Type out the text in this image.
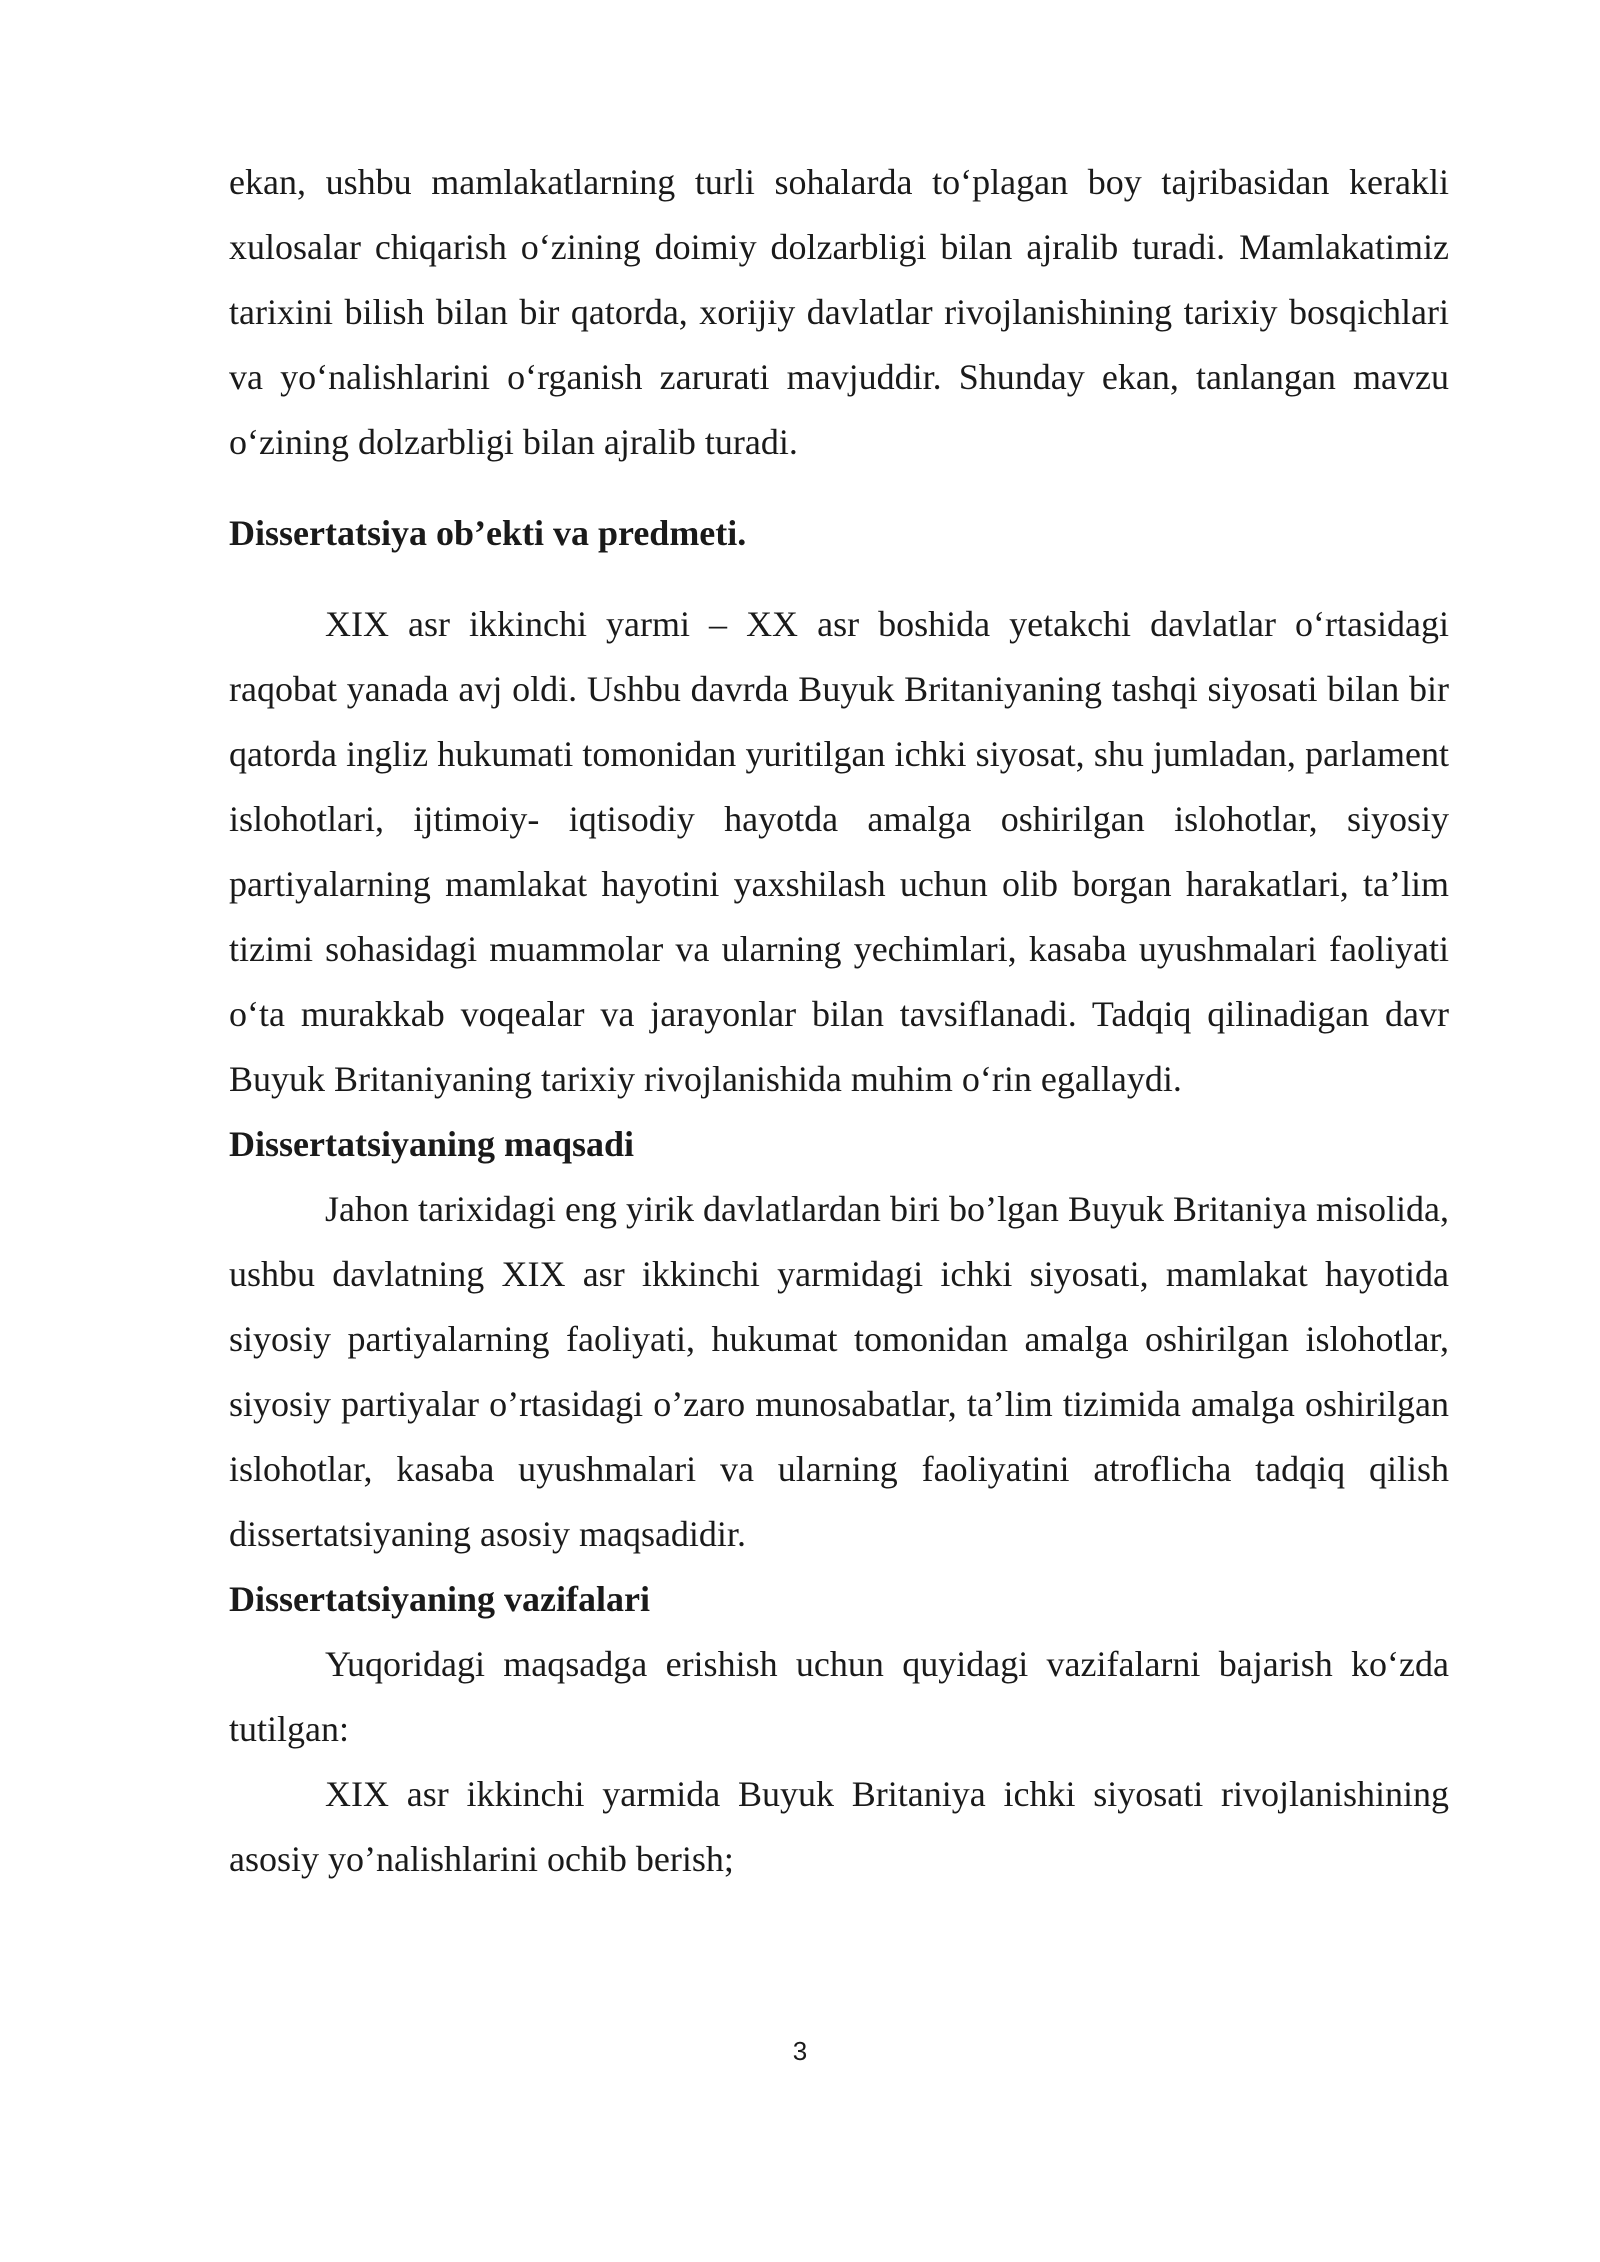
ekan, ushbu mamlakatlarning turli sohalarda to‘plagan boy tajribasidan kerakli xulosalar chiqarish o‘zining doimiy dolzarbligi bilan ajralib turadi. Mamlakatimiz tarixini bilish bilan bir qatorda, xorijiy davlatlar rivojlanishining tarixiy bosqichlari va yo‘nalishlarini o‘rganish zarurati mavjuddir. Shunday ekan, tanlangan mavzu o‘zining dolzarbligi bilan ajralib turadi.

Dissertatsiya ob’ekti va predmeti.

XIX asr ikkinchi yarmi – XX asr boshida yetakchi davlatlar o‘rtasidagi raqobat yanada avj oldi. Ushbu davrda Buyuk Britaniyaning tashqi siyosati bilan bir qatorda ingliz hukumati tomonidan yuritilgan ichki siyosat, shu jumladan, parlament islohotlari, ijtimoiy- iqtisodiy hayotda amalga oshirilgan islohotlar, siyosiy partiyalarning mamlakat hayotini yaxshilash uchun olib borgan harakatlari, ta’lim tizimi sohasidagi muammolar va ularning yechimlari, kasaba uyushmalari faoliyati o‘ta murakkab voqealar va jarayonlar bilan tavsiflanadi. Tadqiq qilinadigan davr Buyuk Britaniyaning tarixiy rivojlanishida muhim o‘rin egallaydi.

Dissertatsiyaning maqsadi

Jahon tarixidagi eng yirik davlatlardan biri bo’lgan Buyuk Britaniya misolida, ushbu davlatning XIX asr ikkinchi yarmidagi ichki siyosati, mamlakat hayotida siyosiy partiyalarning faoliyati, hukumat tomonidan amalga oshirilgan islohotlar, siyosiy partiyalar o’rtasidagi o’zaro munosabatlar, ta’lim tizimida amalga oshirilgan islohotlar, kasaba uyushmalari va ularning faoliyatini atroflicha tadqiq qilish dissertatsiyaning asosiy maqsadidir.

Dissertatsiyaning vazifalari

Yuqoridagi maqsadga erishish uchun quyidagi vazifalarni bajarish ko‘zda tutilgan:

XIX asr ikkinchi yarmida Buyuk Britaniya ichki siyosati rivojlanishining asosiy yo’nalishlarini ochib berish;

3
